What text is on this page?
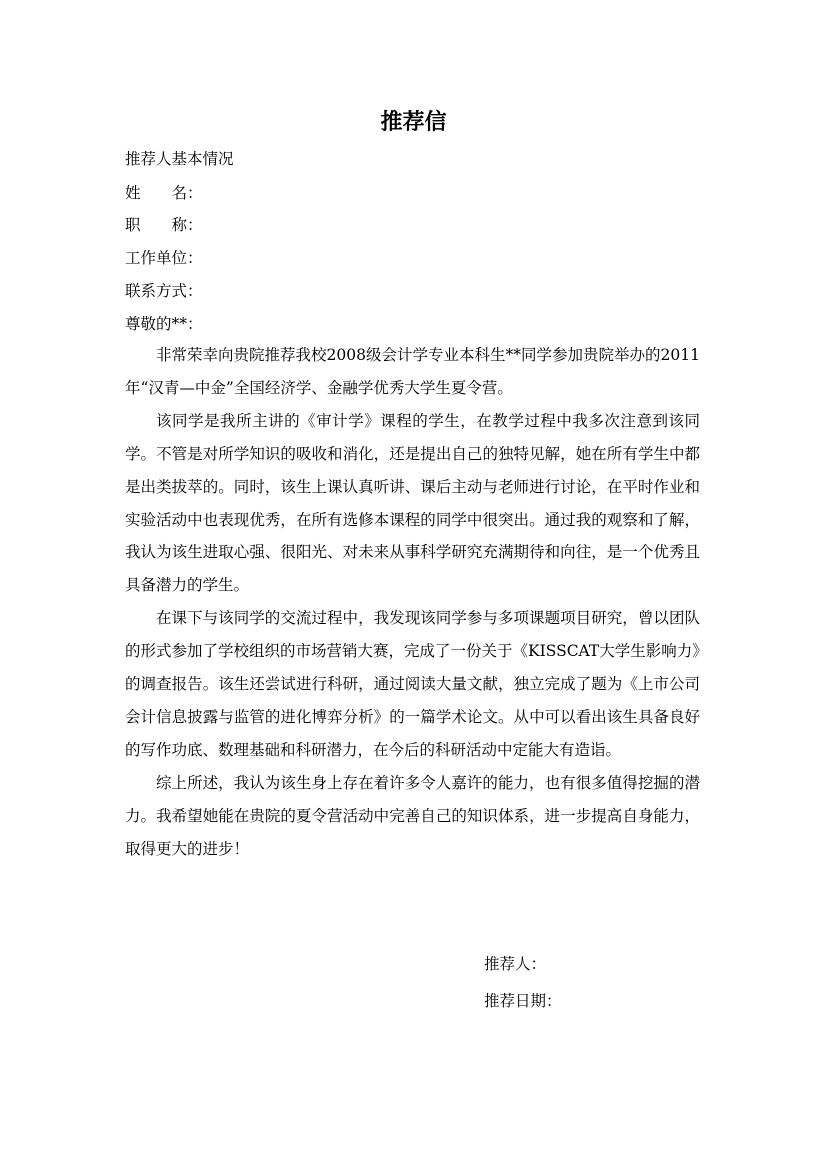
推荐信
推荐人基本情况
姓名：
职称：
工作单位：
联系方式：
尊敬的**：

非常荣幸向贵院推荐我校2008级会计学专业本科生**同学参加贵院举办的2011年“汉青—中金”全国经济学、金融学优秀大学生夏令营。

该同学是我所主讲的《审计学》课程的学生，在教学过程中我多次注意到该同学。不管是对所学知识的吸收和消化，还是提出自己的独特见解，她在所有学生中都是出类拔萃的。同时，该生上课认真听讲、课后主动与老师进行讨论，在平时作业和实验活动中也表现优秀，在所有选修本课程的同学中很突出。通过我的观察和了解，我认为该生进取心强、很阳光、对未来从事科学研究充满期待和向往，是一个优秀且具备潜力的学生。

在课下与该同学的交流过程中，我发现该同学参与多项课题项目研究，曾以团队的形式参加了学校组织的市场营销大赛，完成了一份关于《KISSCAT大学生影响力》的调查报告。该生还尝试进行科研，通过阅读大量文献，独立完成了题为《上市公司会计信息披露与监管的进化博弈分析》的一篇学术论文。从中可以看出该生具备良好的写作功底、数理基础和科研潜力，在今后的科研活动中定能大有造诣。

综上所述，我认为该生身上存在着许多令人嘉许的能力，也有很多值得挖掘的潜力。我希望她能在贵院的夏令营活动中完善自己的知识体系，进一步提高自身能力，取得更大的进步！

推荐人：
推荐日期：
